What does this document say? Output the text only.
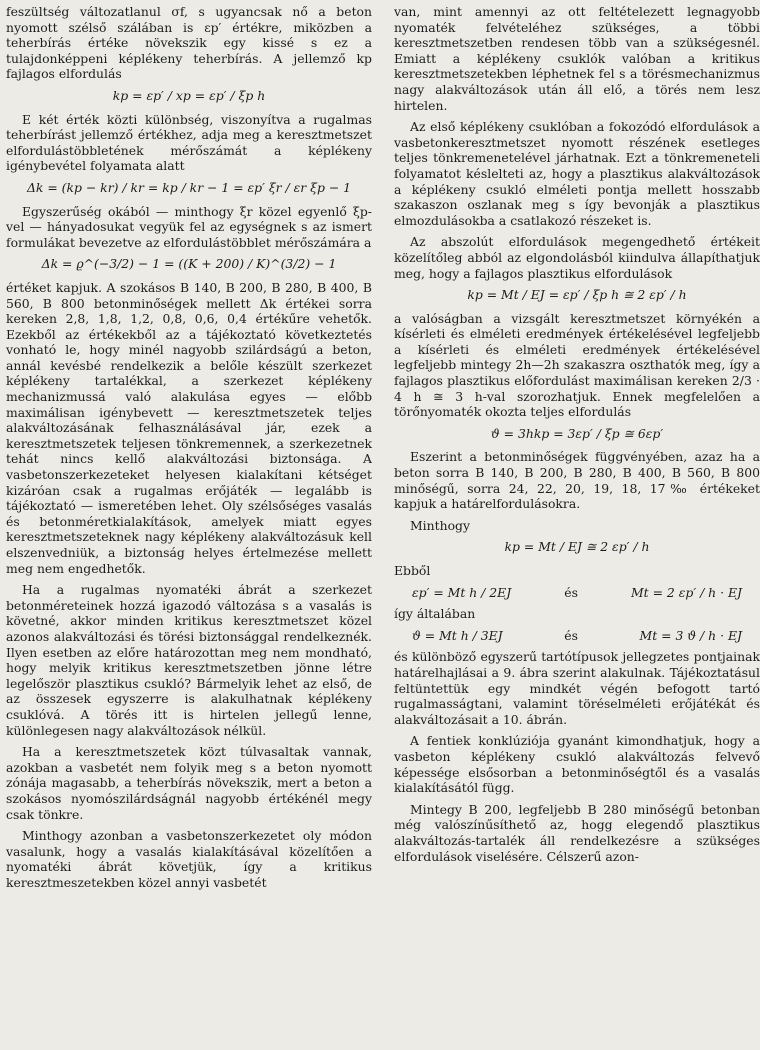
feszültség változatlanul σf, s ugyancsak nő a beton nyomott szélső szálában is εp′ értékre, miközben a teherbírás értéke növekszik egy kissé s ez a tulajdonképpeni képlékeny teherbírás. A jellemző kp fajlagos elfordulás

kp = εp′ / xp = εp′ / ξp h

E két érték közti különbség, viszonyítva a rugalmas teherbírást jellemző értékhez, adja meg a keresztmetszet elfordulástöbbletének mérőszámát a képlékeny igénybevétel folyamata alatt

Δk = (kp − kr) / kr = kp / kr − 1 = εp′ ξr / εr ξp − 1

Egyszerűség okából — minthogy ξr közel egyenlő ξp-vel — hányadosukat vegyük fel az egységnek s az ismert formulákat bevezetve az elfordulástöbblet mérőszámára a

Δk = ϱ^(−3/2) − 1 = ((K + 200) / K)^(3/2) − 1

értéket kapjuk. A szokásos B 140, B 200, B 280, B 400, B 560, B 800 betonminőségek mellett Δk értékei sorra kereken 2,8, 1,8, 1,2, 0,8, 0,6, 0,4 értékűre vehetők. Ezekből az értékekből az a tájékoztató következtetés vonható le, hogy minél nagyobb szilárdságú a beton, annál kevésbé rendelkezik a belőle készült szerkezet képlékeny tartalékkal, a szerkezet képlékeny mechanizmussá való alakulása egyes — előbb maximálisan igénybevett — keresztmetszetek teljes alakváltozásának felhasználásával jár, ezek a keresztmetszetek teljesen tönkremennek, a szerkezetnek tehát nincs kellő alakváltozási biztonsága. A vasbetonszerkezeteket helyesen kialakítani kétséget kizáróan csak a rugalmas erőjáték — legalább is tájékoztató — ismeretében lehet. Oly szélsőséges vasalás és betonméretkialakítások, amelyek miatt egyes keresztmetszeteknek nagy képlékeny alakváltozásuk kell elszenvedniük, a biztonság helyes értelmezése mellett meg nem engedhetők.

Ha a rugalmas nyomatéki ábrát a szerkezet betonméreteinek hozzá igazodó változása s a vasalás is követné, akkor minden kritikus keresztmetszet közel azonos alakváltozási és törési biztonsággal rendelkeznék. Ilyen esetben az előre határozottan meg nem mondható, hogy melyik kritikus keresztmetszetben jönne létre legelőször plasztikus csukló? Bármelyik lehet az első, de az összesek egyszerre is alakulhatnak képlékeny csuklóvá. A törés itt is hirtelen jellegű lenne, különlegesen nagy alakváltozások nélkül.

Ha a keresztmetszetek közt túlvasaltak vannak, azokban a vasbetét nem folyik meg s a beton nyomott zónája magasabb, a teherbírás növekszik, mert a beton a szokásos nyomószilárdságnál nagyobb értékénél megy csak tönkre.

Minthogy azonban a vasbetonszerkezetet oly módon vasalunk, hogy a vasalás kialakításával közelítően a nyomatéki ábrát követjük, így a kritikus keresztmeszetekben közel annyi vasbetét

van, mint amennyi az ott feltételezett legnagyobb nyomaték felvételéhez szükséges, a többi keresztmetszetben rendesen több van a szükségesnél. Emiatt a képlékeny csuklók valóban a kritikus keresztmetszetekben léphetnek fel s a törésmechanizmus nagy alakváltozások után áll elő, a törés nem lesz hirtelen.

Az első képlékeny csuklóban a fokozódó elfordulások a vasbetonkeresztmetszet nyomott részének esetleges teljes tönkremenetelével járhatnak. Ezt a tönkremeneteli folyamatot késlelteti az, hogy a plasztikus alakváltozások a képlékeny csukló elméleti pontja mellett hosszabb szakaszon oszlanak meg s így bevonják a plasztikus elmozdulásokba a csatlakozó részeket is.

Az abszolút elfordulások megengedhető értékeit közelítőleg abból az elgondolásból kiindulva állapíthatjuk meg, hogy a fajlagos plasztikus elfordulások

kp = Mt / EJ = εp′ / ξp h ≅ 2 εp′ / h

a valóságban a vizsgált keresztmetszet környékén a kísérleti és elméleti eredmények értékelésével legfeljebb a kísérleti és elméleti eredmények értékelésével legfeljebb mintegy 2h—2h szakaszra oszthatók meg, így a fajlagos plasztikus előfordulást maximálisan kereken 2/3 · 4 h ≅ 3 h-val szorozhatjuk. Ennek megfelelően a törőnyomaték okozta teljes elfordulás

ϑ = 3hkp = 3εp′ / ξp ≅ 6εp′

Eszerint a betonminőségek függvényében, azaz ha a beton sorra B 140, B 200, B 280, B 400, B 560, B 800 minőségű, sorra 24, 22, 20, 19, 18, 17‰ értékeket kapjuk a határelfordulásokra.

Minthogy

kp = Mt / EJ ≅ 2 εp′ / h

Ebből

εp′ = Mt h / 2EJ	és	Mt = 2 εp′ / h · EJ

így általában

ϑ = Mt h / 3EJ	és	Mt = 3 ϑ / h · EJ

és különböző egyszerű tartótípusok jellegzetes pontjainak határelhajlásai a 9. ábra szerint alakulnak. Tájékoztatásul feltüntettük egy mindkét végén befogott tartó rugalmasságtani, valamint töréselméleti erőjátékát és alakváltozásait a 10. ábrán.

A fentiek konklúziója gyanánt kimondhatjuk, hogy a vasbeton képlékeny csukló alakváltozás felvevő képessége elsősorban a betonminőségtől és a vasalás kialakításától függ.

Mintegy B 200, legfeljebb B 280 minőségű betonban még valószínűsíthető az, hogg elegendő plasztikus alakváltozás-tartalék áll rendelkezésre a szükséges elfordulások viselésére. Célszerű azon-
